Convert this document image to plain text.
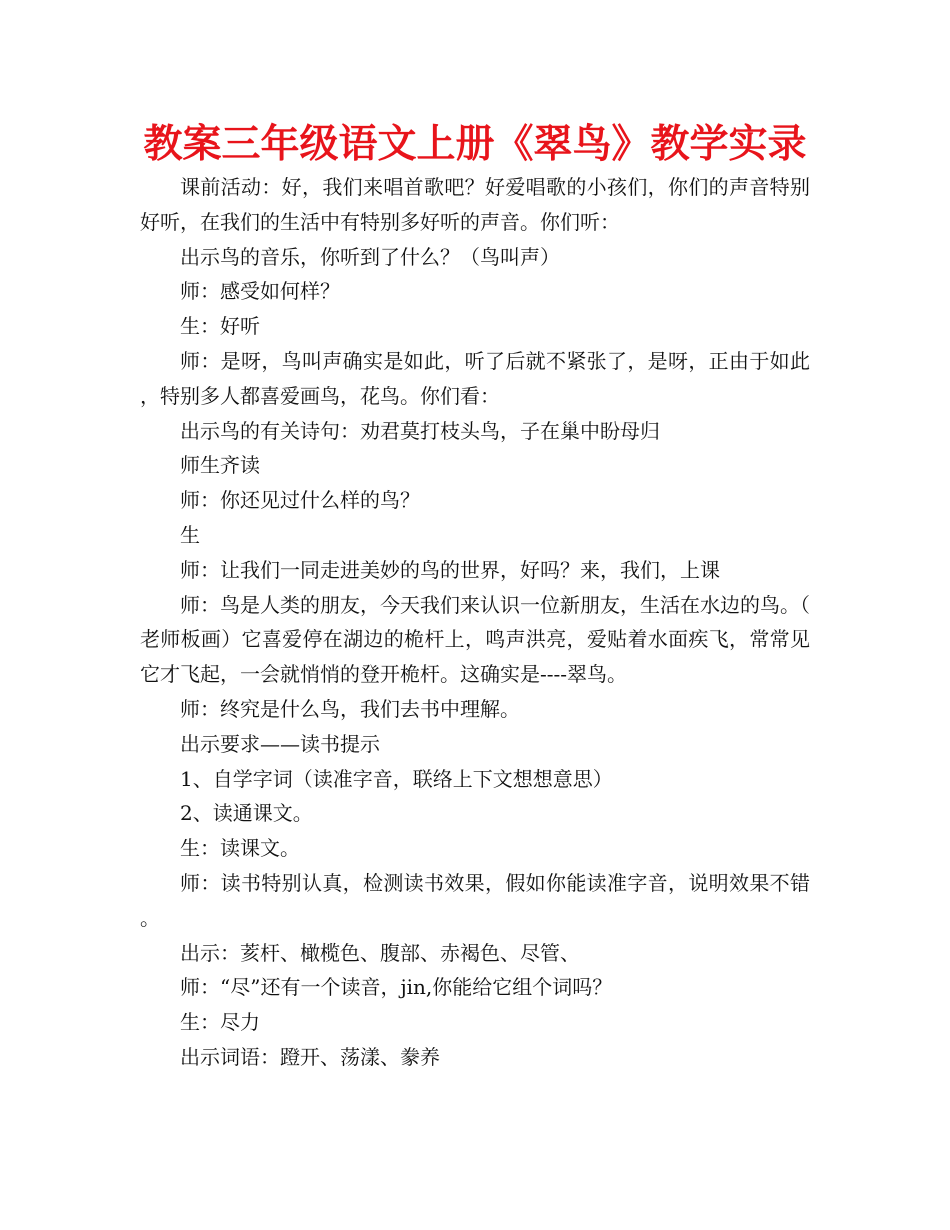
教案三年级语文上册《翠鸟》教学实录

课前活动：好，我们来唱首歌吧？好爱唱歌的小孩们，你们的声音特别好听，在我们的生活中有特别多好听的声音。你们听：

出示鸟的音乐，你听到了什么？（鸟叫声）

师：感受如何样？

生：好听

师：是呀，鸟叫声确实是如此，听了后就不紧张了，是呀，正由于如此，特别多人都喜爱画鸟，花鸟。你们看：

出示鸟的有关诗句：劝君莫打枝头鸟，子在巢中盼母归

师生齐读

师：你还见过什么样的鸟？

生

师：让我们一同走进美妙的鸟的世界，好吗？来，我们，上课

师：鸟是人类的朋友，今天我们来认识一位新朋友，生活在水边的鸟。（老师板画）它喜爱停在湖边的桅杆上，鸣声洪亮，爱贴着水面疾飞，常常见它才飞起，一会就悄悄的登开桅杆。这确实是----翠鸟。

师：终究是什么鸟，我们去书中理解。

出示要求——读书提示

1、自学字词（读准字音，联络上下文想想意思）

2、读通课文。

生：读课文。

师：读书特别认真，检测读书效果，假如你能读准字音，说明效果不错。

出示：荄杆、橄榄色、腹部、赤褐色、尽管、

师：“尽”还有一个读音，jin,你能给它组个词吗？

生：尽力

出示词语：蹬开、荡漾、豢养
